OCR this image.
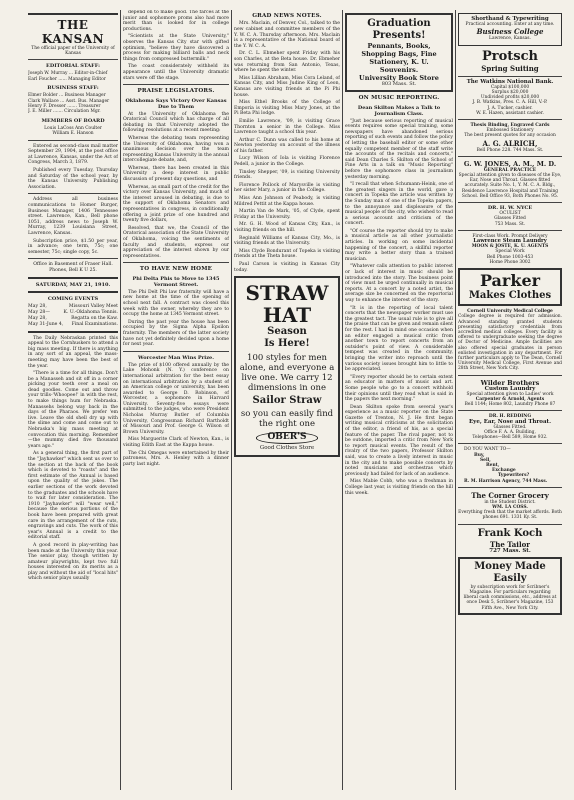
THE KANSAN
The official paper of the University of Kansas
EDITORIAL STAFF:
Joseph W. Murray ... Editor-in-Chief
Earl Foucher ...... Managing Editor
BUSINESS STAFF:
Elmer Bolder ... Business Manager
Clark Wallace ... Asst. Bus. Manager
Henry F. Dresser ....... Treasurer
J. E. Miller ....... Circulation Mgr.
MEMBERS OF BOARD
Louis LaCoss Ann Coulter
William E. Hanson

Entered as second-class mail matter September 29, 1904, at the post office at Lawrence, Kansas, under the Act of Congress, March 3, 1879.

Published every Tuesday, Thursday and Saturday of the school year, by the Kansas University Publishing Association.

Address all business communications to Homer Burger, Business Manager, 1406 Tennessee street. Lawrence, Kan., Bell phone 1051, address news to Joseph W. Murray, 1239 Louisiana Street, Lawrence, Kansas.

Subscription price, $1.50 per year, in advance; one term, 75c; one semester, 75c; single copy, 5c.

Office in Basement of Fraser Hall. Phones, Bell K U 25.

SATURDAY, MAY 21, 1910.
COMING EVENTS
May 28,	Missouri Valley Meet
May 28—	K. U.-Oklahoma Tennis.
May 28,	Regatta on the Kaw.
May 31-June 4, Final Examinations.

The Daily Nebraskan printed this appeal to the Cornhuskers to attend a big mass meeting. If there is anything in any sort of an appeal, the mass-meeting may have been the best of the year.

"There is a time for all things. Don't be a Manasseh and sit off in a corner picking your teeth over a meal on dead goodies. Come out and throw your trills-'Whoopee!' in with the rest, to make things hum for Nebraska. Manassehs belong way back in the days of the Pharaos. We prefer 'em live. Leave the old shell dry up with the slime and come and come out to Nebraska's big mass meeting at convocation this morning. Remember—the mummy died five thousand years ago."

As a general thing, the first part of the "Jayhawker" which sent us over to the section at the back of the book which is devoted to "roasts" and the first estimate of the Annual is based upon the quality of the jokes. The earlier sections of the work devoted to the graduates and the schools have to wait for later consideration. The 1910 "Jayhawker" will "wear well," because the serious portions of the book have been prepared with great care in the arrangement of the cuts, engravings and cuts. The work of this year's Annual is a credit to the editorial staff.

A good record in play-writing has been made at the University this year. The senior play, though written by amateur playwrights, kept two full houses interested on its merits as a play and without the aid of "local hits" which senior plays usually

depend on to make good. The farces at the junior and sophomore proms also had more merit than is looked for in college productions.

"Scientists at the State University," observes the Kansas City star with gifted optimism, "believe they have discovered a process for making billiard balls and neck things from compressed buttermilk."

The coast considerately withheld its appearance until the University dramatic stars were off the stage.

PRAISE LEGISLATORS.
Oklahoma Says Victory Over Kansas Due to Them

At the University of Oklahoma the Oratorical Council which has charge of all debating in that University adopted the following resolutions at a recent meeting:

Whereas the debating team representing the University of Oklahoma, having won a unanimous decision over the team representing Kansas University in the annual intercollegiate debate, and,

Whereas, there has been created in this University a deep interest in public discussion of present day questions, and

Whereas, as small part of the credit for the victory over Kansas University, and much of the interest aroused in debating, is due to the support of Oklahoma Senators and representatives in congress, in conditionally offering a joint prize of one hundred and twenty five dollars,

Resolved, that we, the Council of the Oratorical association of the State University of Oklahoma, voicing the sentiments of faculty and students, express our appreciation of the interest shown by our representatives.

TO HAVE NEW HOME
Phi Delta Phis to Move to 1345 Vermont Street.

The Phi Delt Phi law fraternity will have a new home at the time of the opening of school next fall. A contract was closed this week with the owner, whereby they are to occupy the home at 1345 Vermont street.

During the past year the house has been occupied by the Sigma Alpha Epsilon fraternity. The members of the latter society have not yet definitely decided upon a home for next year.

Worcester Man Wins Prize.

The prize of $100 offered annually by the Lake Mohonk (N. Y.) conference on international arbitration for the best essay on international arbitration by a student of an American college or university, has been awarded to George D. Robinson, of Worcester, a sophomore in Harvard University. Seventy-five essays were submitted to the judges, who were President Nicholas Murray Butler of Columbia University, Congressman Richard Bartholdt of Missouri and Prof. George G. Wilson of Brown University.

Miss Marguerite Clark of Newton, Kan., is visiting Edith East at the Kappa house.

The Chi Omegas were entertained by their patroness, Mrs. A. Henley with a dinner party last night.

GRAD NEWS NOTES.

Mrs. Maclain, of Denver, Col., talked to the new cabinet and committee members of the Y. W. C. A. Thursday afternoon. Mrs. Maclain is a representative of the National board of the Y. W. C. A.

Dr. C. L. Ebmeher spent Friday with his son Charles, at the Beta house. Dr. Ebmeher was returning from San Antonio, Texas, where he spent the winter.

Miss Lillian Abraham, Miss Cora Leland, of Kansas City, and Miss Judine King of Leon, Kansas are visiting friends at the Pi Phi house.

Miss Ethel Brooks of the College of Emporia is visiting Miss Mary Jones, at the Pi Beta Phi lodge.

Emilie Lawrence, '09, is visiting Grace Thornton a senior in the College. Miss Lawrence taught a school this year.

Arthur C. Dunn was called to his home at Newton yesterday on account of the illness of his father.

Lucy Wilson of Iola is visiting Florence Pedell, a junior in the College.

Tinsley Shepper, '09, is visiting University friends.

Florence Pollock of Marysville is visiting her sister Mary, a junior in the College.

Miss Ann Johnson of Peabody, is visiting Mildred Pettit at the Kappa house.

Martin Van de Mark, '05, of Clyde, spent Friday at the University.

Mr. G. H. Wood of Kansas City, Kan., is visiting friends on the hill.

Reginald Williams of Kansas City, Mo., is visiting friends at the University.

Miss Clyde Bondurant of Topeka is visiting friends at the Theta house.

Paul Carson is visiting in Kansas City today.

STRAW
HAT
Season
Is Here!
100 styles for men alone, and everyone a live one. We carry 12 dimensions in one
Sailor Straw
so you can easily find the right one
OBER'S
Good Clothes Store
Graduation
Presents!
Pennants, Books, Shopping Bags, Fine Stationery, K. U. Souvenirs.
University Book Store
803 Mass. St.
ON MUSIC REPORTING.
Dean Skilton Makes a Talk to Journalism Class.

"Just because serious reporting of musical events requires some special training, some newspapers have abandoned serious reporting of such events and follow the policy of letting the baseball editor or some other equally competent member of the staff write the accounts of the recitals and concerts," said Dean Charles S. Skilton of the School of Fine Arts in a talk on "Music Reporting" before the sophomore class in journalism yesterday morning.

"I recall that when Schumann-Heink, one of the greatest singers in the world, gave a concert in Topeka the article was written by the Sunday man of one of the Topeka papers, to the annoyance and displeasure of the musical people of the city, who wished to read a serious account and criticism of the concert.

"Of course the reporter should try to make a musical article as all other journalistic articles. In working on some incidental happening of the concert, a skillful reporter may write a better story than a trained musician.

"Whatever calls attention to public interest or lack of interest in music should be introduced into the story. The business point of view must be urged continually in musical reports. At a concert by a noted artist, the average size be concerned on the reportorial way to enhance the interest of the story.

"It is in the reporting of local talent concerts that the newspaper worker must use the greatest tact. The usual rule is to give all the praise that can be given and remain silent for the rest. I had in mind one occasion when an editor engaged a musical critic from another town to report concerts from an outsider's point of view. A considerable tempest was created in the community, bringing the writer into reproach until the various society issues brought him to little to be appreciated.

"Every reporter should be to certain extent an educator in matters of music and art. Some people who go to a concert withhold their opinions until they read what is said in the papers the next morning."

Dean Skilton spoke from several year's experience as a music reporter on the State Gazette of Trenton, N. J. He first began writing musical criticisms at the solicitation of the editor, a friend of his, as a special feature of the paper. The rival paper, not to be outdone, imported a critic from New York to report musical events. The result of the rivalry of the two papers, Professor Skilton said, was to create a lively interest in music in the city and to make possible concerts by noted musicians and orchestras which previously had failed for lack of an audience.

Miss Mabie Cobb, who was a freshman in College last year, is visiting friends on the hill this week.

Shorthand & Typewriting
Practical accounting. Enter at any time.
Business College
Lawrence, Kansas.
Protsch
Spring Suiting
The Watkins National Bank.
Capital $100,000
Surplus $20,000
Undivided profits $20,000
J. B. Watkins, Pres. C. A. Hill, V.-P.
J. A. Tucker, cashier.
W. E. Hazen, assistant cashier.
Thesis Binding, Engraved Cards
Embossed Stationery
The best present quotes for any occasion
A. G. ALRICH,
Bell Phone 228. 744 Mass. St.
G. W. JONES, A. M., M. D.
GENERAL PRACTICE
Special attention given to diseases of the Eye, Ear, Nose and Throat. Glasses fitted accurately. Suite No. 1, Y. M. C. A. Bldg., Residence Lawrence Hospital and Training School. Bell Office 93, Both Phones No. 95.
DR. H. W. NYCE
OCULIST
Glasses Fitted
753 Mass. St.
First-class Work. Prompt Delivery
Lawrence Steam Laundry
MOON & JOSTE, K. U. AGENTS
Special Work
Bell Phone 1003-453
Home Phone 3002
Parker
Makes Clothes
Cornell University Medical College
College degree is required for admission. Advanced standing granted students presenting satisfactory credentials from accredited medical colleges. Every facility is offered to undergraduate seeking the degree of Doctor of Medicine. Ample facilities are also offered special graduates in person enlisted investigation in any department. For further particulars apply to The Dean, Cornell University Medical College, First Avenue and 28th Street, New York City.
Wilder Brothers
Custom Laundry
Special attention given to Ladies' work
Carpenter & Arnold, Agents
Bell 1144; Home 802, Laundry Phone 87
DR. H. REDDING
Eye, Ear, Nose and Throat.
Glasses Fitted.
Office F. A. A. Building,
Telephones—Bell 589, Home 932.
DO YOU WANT TO—
Buy,
Sell,
Rent,
Exchange
Typewriters?
R. M. Harrison Agency, 744 Mass.
The Corner Grocery
in the Student District.
WM. LA COSS.
Everything fresh that the market affords. Both phones 691. 1331 Ky. St.
Frank Koch
The Tailor
727 Mass. St.
Money Made
Easily
by subscription work for Scribner's Magazine. For particulars regarding liberal cash commissions, etc., address at once Desk 5, Scribner's Magazine, 153 Fifth Ave., New York City.
